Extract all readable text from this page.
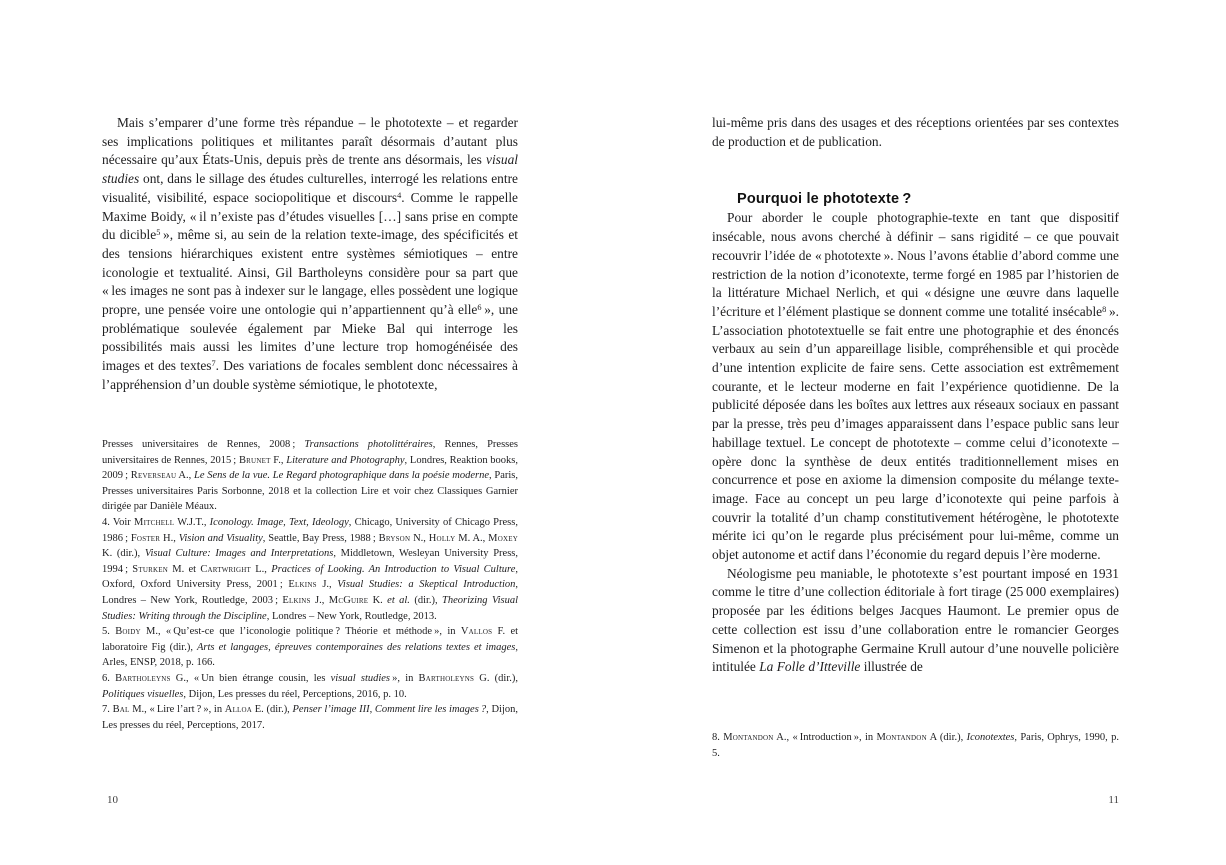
Mais s’emparer d’une forme très répandue – le phototexte – et regarder ses implications politiques et militantes paraît désormais d’autant plus nécessaire qu’aux États-Unis, depuis près de trente ans désormais, les visual studies ont, dans le sillage des études culturelles, interrogé les relations entre visualité, visibilité, espace sociopolitique et discours$^4$. Comme le rappelle Maxime Boidy, « il n’existe pas d’études visuelles […] sans prise en compte du dicible$^5$ », même si, au sein de la relation texte-image, des spécificités et des tensions hiérarchiques existent entre systèmes sémiotiques – entre iconologie et textualité. Ainsi, Gil Bartholeyns considère pour sa part que « les images ne sont pas à indexer sur le langage, elles possèdent une logique propre, une pensée voire une ontologie qui n’appartiennent qu’à elle$^6$ », une problématique soulevée également par Mieke Bal qui interroge les possibilités mais aussi les limites d’une lecture trop homogénéisée des images et des textes$^7$. Des variations de focales semblent donc nécessaires à l’appréhension d’un double système sémiotique, le phototexte,

Presses universitaires de Rennes, 2008 ; Transactions photolittéraires, Rennes, Presses universitaires de Rennes, 2015 ; Brunet F., Literature and Photography, Londres, Reaktion books, 2009 ; Reverseau A., Le Sens de la vue. Le Regard photographique dans la poésie moderne, Paris, Presses universitaires Paris Sorbonne, 2018 et la collection Lire et voir chez Classiques Garnier dirigée par Danièle Méaux.

4. Voir Mitchell W.J.T., Iconology. Image, Text, Ideology, Chicago, University of Chicago Press, 1986 ; Foster H., Vision and Visuality, Seattle, Bay Press, 1988 ; Bryson N., Holly M. A., Moxey K. (dir.), Visual Culture: Images and Interpretations, Middletown, Wesleyan University Press, 1994 ; Sturken M. et Cartwright L., Practices of Looking. An Introduction to Visual Culture, Oxford, Oxford University Press, 2001 ; Elkins J., Visual Studies: a Skeptical Introduction, Londres – New York, Routledge, 2003 ; Elkins J., McGuire K. et al. (dir.), Theorizing Visual Studies: Writing through the Discipline, Londres – New York, Routledge, 2013.

5. Boidy M., « Qu’est-ce que l’iconologie politique ? Théorie et méthode », in Vallos F. et laboratoire Fig (dir.), Arts et langages, épreuves contemporaines des relations textes et images, Arles, ENSP, 2018, p. 166.

6. Bartholeyns G., « Un bien étrange cousin, les visual studies », in Bartholeyns G. (dir.), Politiques visuelles, Dijon, Les presses du réel, Perceptions, 2016, p. 10.

7. Bal M., « Lire l’art ? », in Alloa E. (dir.), Penser l’image III, Comment lire les images ?, Dijon, Les presses du réel, Perceptions, 2017.

10

lui-même pris dans des usages et des réceptions orientées par ses contextes de production et de publication.

Pourquoi le phototexte ?

Pour aborder le couple photographie-texte en tant que dispositif insécable, nous avons cherché à définir – sans rigidité – ce que pouvait recouvrir l’idée de « phototexte ». Nous l’avons établie d’abord comme une restriction de la notion d’iconotexte, terme forgé en 1985 par l’historien de la littérature Michael Nerlich, et qui « désigne une œuvre dans laquelle l’écriture et l’élément plastique se donnent comme une totalité insécable$^8$ ». L’association phototextuelle se fait entre une photographie et des énoncés verbaux au sein d’un appareillage lisible, compréhensible et qui procède d’une intention explicite de faire sens. Cette association est extrêmement courante, et le lecteur moderne en fait l’expérience quotidienne. De la publicité déposée dans les boîtes aux lettres aux réseaux sociaux en passant par la presse, très peu d’images apparaissent dans l’espace public sans leur habillage textuel. Le concept de phototexte – comme celui d’iconotexte – opère donc la synthèse de deux entités traditionnellement mises en concurrence et pose en axiome la dimension composite du mélange texte-image. Face au concept un peu large d’iconotexte qui peine parfois à couvrir la totalité d’un champ constitutivement hétérogène, le phototexte mérite ici qu’on le regarde plus précisément pour lui-même, comme un objet autonome et actif dans l’économie du regard depuis l’ère moderne.

Néologisme peu maniable, le phototexte s’est pourtant imposé en 1931 comme le titre d’une collection éditoriale à fort tirage (25 000 exemplaires) proposée par les éditions belges Jacques Haumont. Le premier opus de cette collection est issu d’une collaboration entre le romancier Georges Simenon et la photographe Germaine Krull autour d’une nouvelle policière intitulée La Folle d’Itteville illustrée de

8. Montandon A., « Introduction », in Montandon A (dir.), Iconotextes, Paris, Ophrys, 1990, p. 5.

11
